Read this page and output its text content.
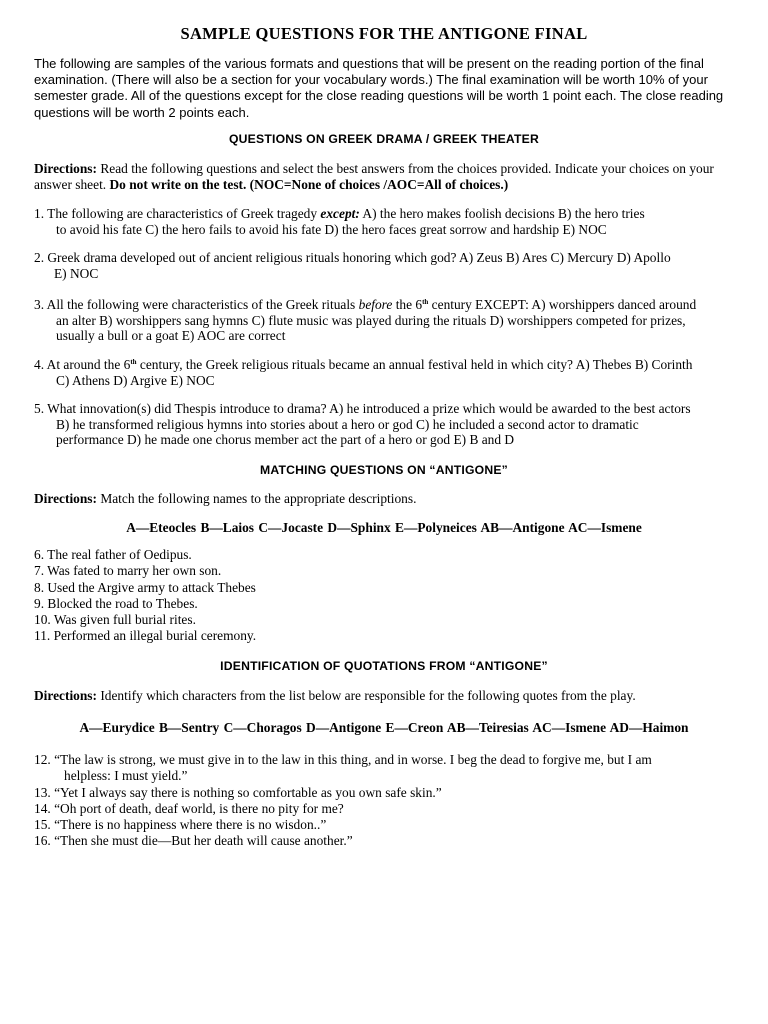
SAMPLE QUESTIONS FOR THE ANTIGONE FINAL
The following are samples of the various formats and questions that will be present on the reading portion of the final examination. (There will also be a section for your vocabulary words.) The final examination will be worth 10% of your semester grade. All of the questions except for the close reading questions will be worth 1 point each. The close reading questions will be worth 2 points each.
QUESTIONS ON GREEK DRAMA / GREEK THEATER
Directions: Read the following questions and select the best answers from the choices provided. Indicate your choices on your answer sheet. Do not write on the test. (NOC=None of choices /AOC=All of choices.)
1. The following are characteristics of Greek tragedy except: A) the hero makes foolish decisions B) the hero tries
to avoid his fate C) the hero fails to avoid his fate D) the hero faces great sorrow and hardship E) NOC
2. Greek drama developed out of ancient religious rituals honoring which god? A) Zeus B) Ares C) Mercury D) Apollo
E) NOC
3. All the following were characteristics of the Greek rituals before the 6th century EXCEPT: A) worshippers danced around
an alter B) worshippers sang hymns C) flute music was played during the rituals D) worshippers competed for prizes,
usually a bull or a goat E) AOC are correct
4. At around the 6th century, the Greek religious rituals became an annual festival held in which city? A) Thebes B) Corinth
C) Athens D) Argive E) NOC
5. What innovation(s) did Thespis introduce to drama? A) he introduced a prize which would be awarded to the best actors
B) he transformed religious hymns into stories about a hero or god C) he included a second actor to dramatic
performance D) he made one chorus member act the part of a hero or god E) B and D
MATCHING QUESTIONS ON “ANTIGONE”
Directions: Match the following names to the appropriate descriptions.
A—Eteocles B—Laios C—Jocaste D—Sphinx E—Polyneices AB—Antigone AC—Ismene
6. The real father of Oedipus.
7. Was fated to marry her own son.
8. Used the Argive army to attack Thebes
9. Blocked the road to Thebes.
10. Was given full burial rites.
11. Performed an illegal burial ceremony.
IDENTIFICATION OF QUOTATIONS FROM “ANTIGONE”
Directions: Identify which characters from the list below are responsible for the following quotes from the play.
A—Eurydice B—Sentry C—Choragos D—Antigone E—Creon AB—Teiresias AC—Ismene AD—Haimon
12. “The law is strong, we must give in to the law in this thing, and in worse. I beg the dead to forgive me, but I am
helpless: I must yield.”
13. “Yet I always say there is nothing so comfortable as you own safe skin.”
14. “Oh port of death, deaf world, is there no pity for me?
15. “There is no happiness where there is no wisdon..”
16. “Then she must die—But her death will cause another.”
